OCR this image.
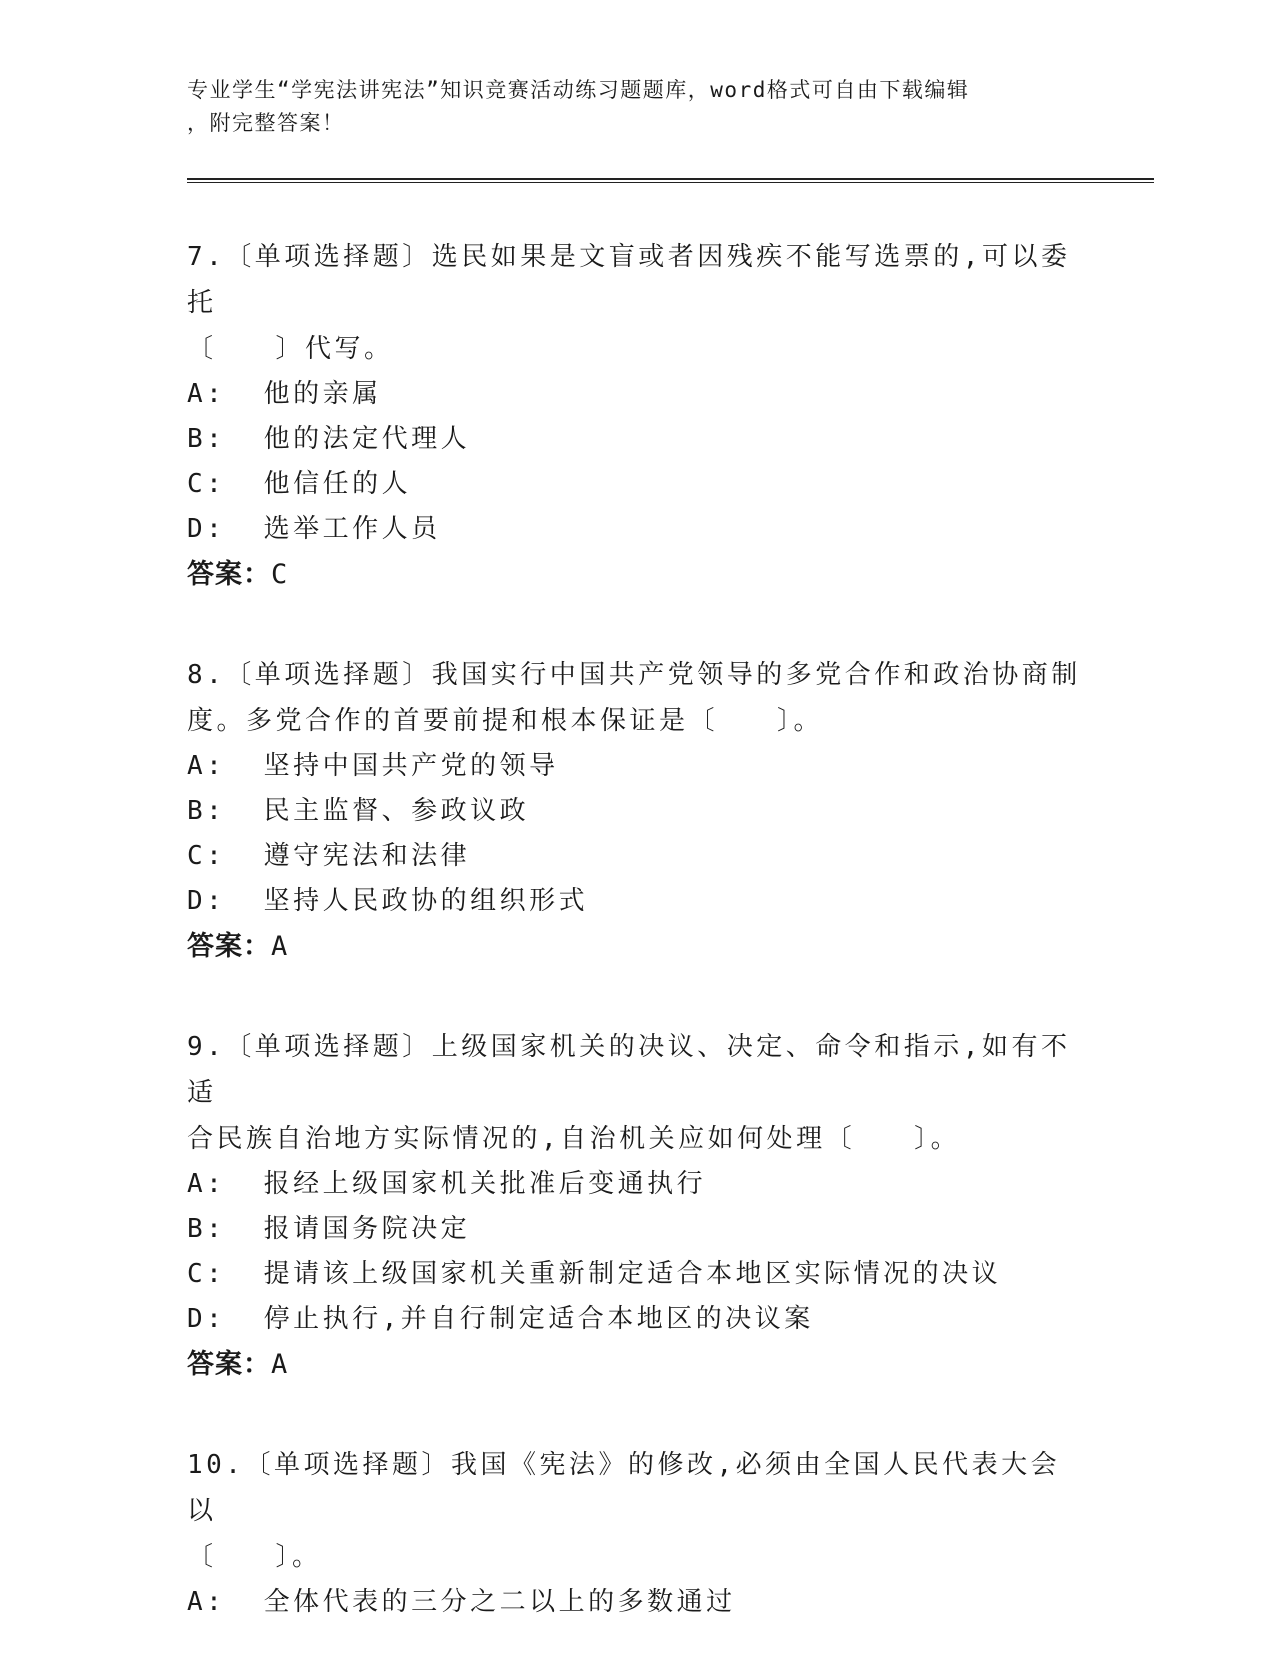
专业学生“学宪法讲宪法”知识竞赛活动练习题题库，word格式可自由下载编辑
，附完整答案！

7.〔单项选择题〕选民如果是文盲或者因残疾不能写选票的,可以委托

〔　　〕代写。

A:  他的亲属

B:  他的法定代理人

C:  他信任的人

D:  选举工作人员

答案：C

8.〔单项选择题〕我国实行中国共产党领导的多党合作和政治协商制

度。多党合作的首要前提和根本保证是〔　　〕。

A:  坚持中国共产党的领导

B:  民主监督、参政议政

C:  遵守宪法和法律

D:  坚持人民政协的组织形式

答案：A

9.〔单项选择题〕上级国家机关的决议、决定、命令和指示,如有不适

合民族自治地方实际情况的,自治机关应如何处理〔　　〕。

A:  报经上级国家机关批准后变通执行

B:  报请国务院决定

C:  提请该上级国家机关重新制定适合本地区实际情况的决议

D:  停止执行,并自行制定适合本地区的决议案

答案：A

10.〔单项选择题〕我国《宪法》的修改,必须由全国人民代表大会以

〔　　〕。

A:  全体代表的三分之二以上的多数通过
